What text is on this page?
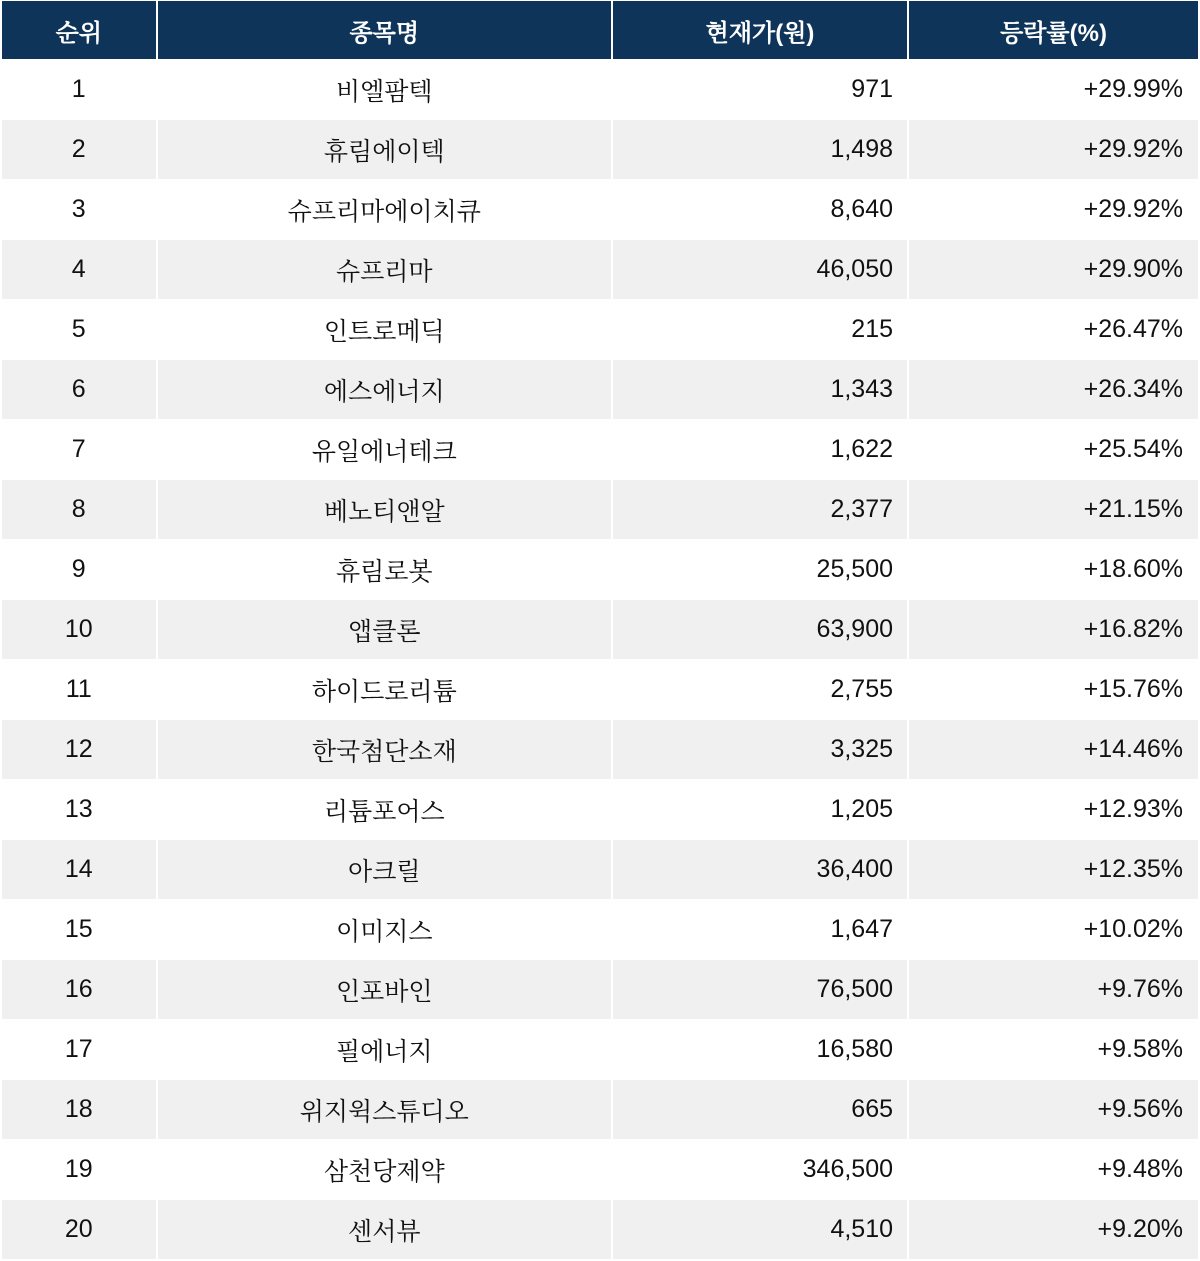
순위	종목명	현재가(원)	등락률(%)
1	비엘팜텍	971	+29.99%
2	휴림에이텍	1,498	+29.92%
3	슈프리마에이치큐	8,640	+29.92%
4	슈프리마	46,050	+29.90%
5	인트로메딕	215	+26.47%
6	에스에너지	1,343	+26.34%
7	유일에너테크	1,622	+25.54%
8	베노티앤알	2,377	+21.15%
9	휴림로봇	25,500	+18.60%
10	앱클론	63,900	+16.82%
11	하이드로리튬	2,755	+15.76%
12	한국첨단소재	3,325	+14.46%
13	리튬포어스	1,205	+12.93%
14	아크릴	36,400	+12.35%
15	이미지스	1,647	+10.02%
16	인포바인	76,500	+9.76%
17	필에너지	16,580	+9.58%
18	위지윅스튜디오	665	+9.56%
19	삼천당제약	346,500	+9.48%
20	센서뷰	4,510	+9.20%
